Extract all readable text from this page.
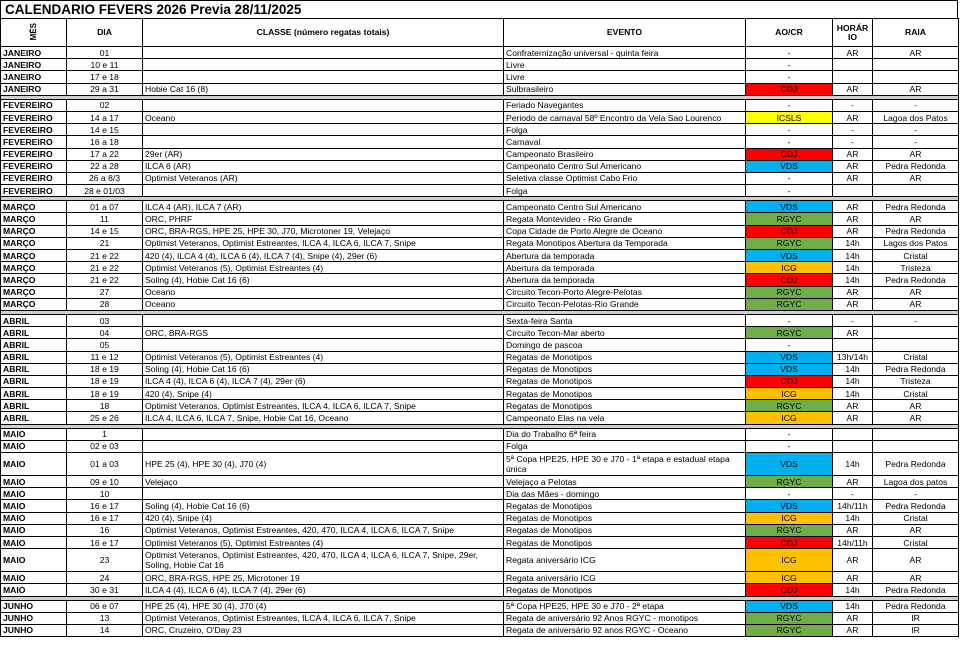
CALENDARIO FEVERS 2026 Previa 28/11/2025
MÊS	DIA	CLASSE (número regatas totais)	EVENTO	AO/CR	HORÁR IO	RAIA
JANEIRO	01		Confraternização universal - quinta feira	-	AR	AR
JANEIRO	10 e 11		Livre	-		
JANEIRO	17 e 18		Livre	-		
JANEIRO	29 a 31	Hobie Cat 16 (8)	Sulbrasileiro	CDJ	AR	AR

FEVEREIRO	02		Feriado Navegantes	-	-	-
FEVEREIRO	14 a 17	Oceano	Periodo de carnaval 58º Encontro da Vela Sao Lourenco	ICSLS	AR	Lagoa dos Patos
FEVEREIRO	14 e 15		Folga	-	-	-
FEVEREIRO	16 a 18		Carnaval	-	-	-
FEVEREIRO	17 a 22	29er (AR)	Campeonato Brasileiro	CDJ	AR	AR
FEVEREIRO	22 a 28	ILCA 6 (AR)	Campeonato Centro Sul Americano	VDS	AR	Pedra Redonda
FEVEREIRO	26 a 8/3	Optimist Veteranos (AR)	Seletiva classe Optimist Cabo Frio	-	AR	AR
FEVEREIRO	28 e 01/03		Folga	-		

MARÇO	01 a 07	ILCA 4 (AR), ILCA 7 (AR)	Campeonato Centro Sul Americano	VDS	AR	Pedra Redonda
MARÇO	11	ORC, PHRF	Regata Montevideo - Rio Grande	RGYC	AR	AR
MARÇO	14 e 15	ORC, BRA-RGS, HPE 25, HPE 30, J70, Microtoner 19, Velejaço	Copa Cidade de Porto Alegre de Oceano	CDJ	AR	Pedra Redonda
MARÇO	21	Optimist Veteranos, Optimist Estreantes, ILCA 4, ILCA 6, ILCA 7, Snipe	Regata Monotipos Abertura da Temporada	RGYC	14h	Lagos dos Patos
MARÇO	21 e 22	420 (4), ILCA 4 (4), ILCA 6 (4), ILCA 7 (4), Snipe (4), 29er (6)	Abertura da temporada	VDS	14h	Cristal
MARÇO	21 e 22	Optimist Veteranos (5), Optimist Estreantes (4)	Abertura da temporada	ICG	14h	Tristeza
MARÇO	21 e 22	Soling (4), Hobie Cat 16 (6)	Abertura da temporada	CDJ	14h	Pedra Redonda
MARÇO	27	Oceano	Circuito Tecon-Porto Alegre-Pelotas	RGYC	AR	AR
MARÇO	28	Oceano	Circuito Tecon-Pelotas-Rio Grande	RGYC	AR	AR

ABRIL	03		Sexta-feira Santa	-	-	-
ABRIL	04	ORC, BRA-RGS	Circuito Tecon-Mar aberto	RGYC	AR	
ABRIL	05		Domingo de pascoa	-		
ABRIL	11 e 12	Optimist Veteranos (5), Optimist Estreantes (4)	Regatas de Monotipos	VDS	13h/14h	Cristal
ABRIL	18 e 19	Soling (4), Hobie Cat 16 (6)	Regatas de Monotipos	VDS	14h	Pedra Redonda
ABRIL	18 e 19	ILCA 4 (4), ILCA 6 (4), ILCA 7 (4), 29er (6)	Regatas de Monotipos	CDJ	14h	Tristeza
ABRIL	18 e 19	420 (4), Snipe (4)	Regatas de Monotipos	ICG	14h	Cristal
ABRIL	18	Optimist Veteranos, Optimist Estreantes, ILCA 4, ILCA 6, ILCA 7, Snipe	Regatas de Monotipos	RGYC	AR	AR
ABRIL	25 e 26	ILCA 4, ILCA 6, ILCA 7, Snipe, Hobie Cat 16, Oceano	Campeonato Elas na vela	ICG	AR	AR

MAIO	1		Dia do Trabalho 6ª feira	-		
MAIO	02 e 03		Folga	-		
MAIO	01 a 03	HPE 25 (4), HPE 30 (4), J70 (4)	5ª Copa HPE25, HPE 30 e J70 - 1ª etapa e estadual etapa única	VDS	14h	Pedra Redonda
MAIO	09 e 10	Velejaço	Velejaço a Pelotas	RGYC	AR	Lagoa dos patos
MAIO	10		Dia das Mães - domingo	-	-	-
MAIO	16 e 17	Soling (4), Hobie Cat 16 (6)	Regatas de Monotipos	VDS	14h/11h	Pedra Redonda
MAIO	16 e 17	420 (4), Snipe (4)	Regatas de Monotipos	ICG	14h	Cristal
MAIO	16	Optimist Veteranos, Optimist Estreantes, 420, 470, ILCA 4, ILCA 6, ILCA 7, Snipe	Regatas de Monotipos	RGYC	AR	AR
MAIO	16 e 17	Optimist Veteranos (5), Optimist Estreantes (4)	Regatas de Monotipos	CDJ	14h/11h	Cristal
MAIO	23	Optimist Veteranos, Optimist Estreantes, 420, 470, ILCA 4, ILCA 6, ILCA 7, Snipe, 29er, Soling, Hobie Cat 16	Regata aniversário ICG	ICG	AR	AR
MAIO	24	ORC, BRA-RGS, HPE 25, Microtoner 19	Regata aniversário ICG	ICG	AR	AR
MAIO	30 e 31	ILCA 4 (4), ILCA 6 (4), ILCA 7 (4), 29er (6)	Regatas de Monotipos	CDJ	14h	Pedra Redonda

JUNHO	06 e 07	HPE 25 (4), HPE 30 (4), J70 (4)	5ª Copa HPE25, HPE 30 e J70 - 2ª etapa	VDS	14h	Pedra Redonda
JUNHO	13	Optimist Veteranos, Optimist Estreantes, ILCA 4, ILCA 6, ILCA 7, Snipe	Regata de aniversário 92 Anos RGYC - monotipos	RGYC	AR	IR
JUNHO	14	ORC, Cruzeiro, O'Day 23	Regata de aniversário 92 anos RGYC - Oceano	RGYC	AR	IR
